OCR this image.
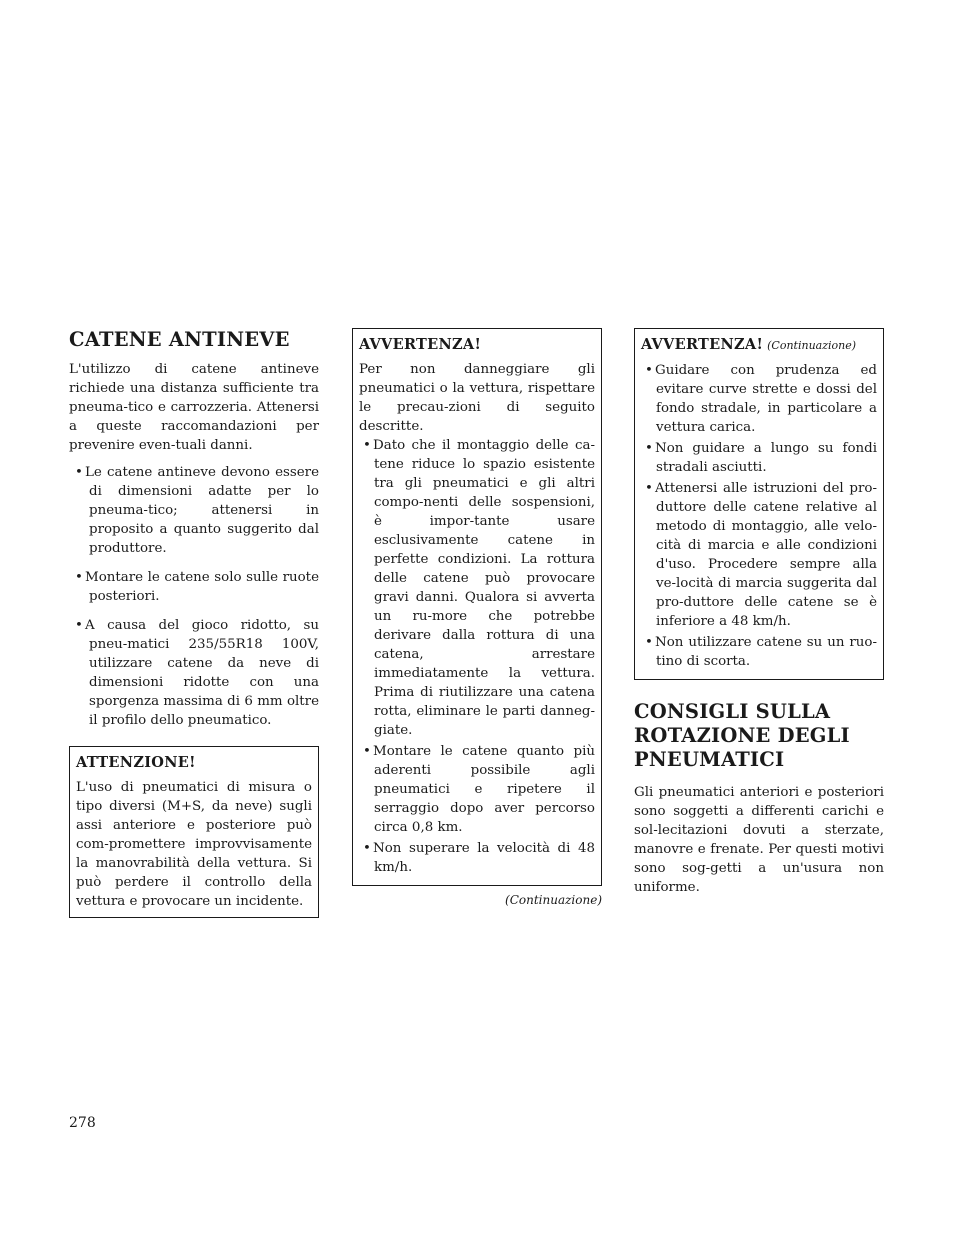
CATENE ANTINEVE

L'utilizzo di catene antineve richiede una distanza sufficiente tra pneuma-tico e carrozzeria. Attenersi a queste raccomandazioni per prevenire even-tuali danni.

• Le catene antineve devono essere di dimensioni adatte per lo pneuma-tico; attenersi in proposito a quanto suggerito dal produttore.
• Montare le catene solo sulle ruote posteriori.
• A causa del gioco ridotto, su pneu-matici 235/55R18 100V, utilizzare catene da neve di dimensioni ridotte con una sporgenza massima di 6 mm oltre il profilo dello pneumatico.
ATTENZIONE!

L'uso di pneumatici di misura o tipo diversi (M+S, da neve) sugli assi anteriore e posteriore può com-promettere improvvisamente la manovrabilità della vettura. Si può perdere il controllo della vettura e provocare un incidente.

AVVERTENZA!

Per non danneggiare gli pneumatici o la vettura, rispettare le precau-zioni di seguito descritte.

• Dato che il montaggio delle ca-tene riduce lo spazio esistente tra gli pneumatici e gli altri compo-nenti delle sospensioni, è impor-tante usare esclusivamente catene in perfette condizioni. La rottura delle catene può provocare gravi danni. Qualora si avverta un ru-more che potrebbe derivare dalla rottura di una catena, arrestare immediatamente la vettura. Prima di riutilizzare una catena rotta, eliminare le parti danneg-giate.
• Montare le catene quanto più aderenti possibile agli pneumatici e ripetere il serraggio dopo aver percorso circa 0,8 km.
• Non superare la velocità di 48 km/h.
(Continuazione)
AVVERTENZA! (Continuazione)
• Guidare con prudenza ed evitare curve strette e dossi del fondo stradale, in particolare a vettura carica.
• Non guidare a lungo su fondi stradali asciutti.
• Attenersi alle istruzioni del pro-duttore delle catene relative al metodo di montaggio, alle velo-cità di marcia e alle condizioni d'uso. Procedere sempre alla ve-locità di marcia suggerita dal pro-duttore delle catene se è inferiore a 48 km/h.
• Non utilizzare catene su un ruo-tino di scorta.
CONSIGLI SULLA
ROTAZIONE DEGLI
PNEUMATICI

Gli pneumatici anteriori e posteriori sono soggetti a differenti carichi e sol-lecitazioni dovuti a sterzate, manovre e frenate. Per questi motivi sono sog-getti a un'usura non uniforme.

278
